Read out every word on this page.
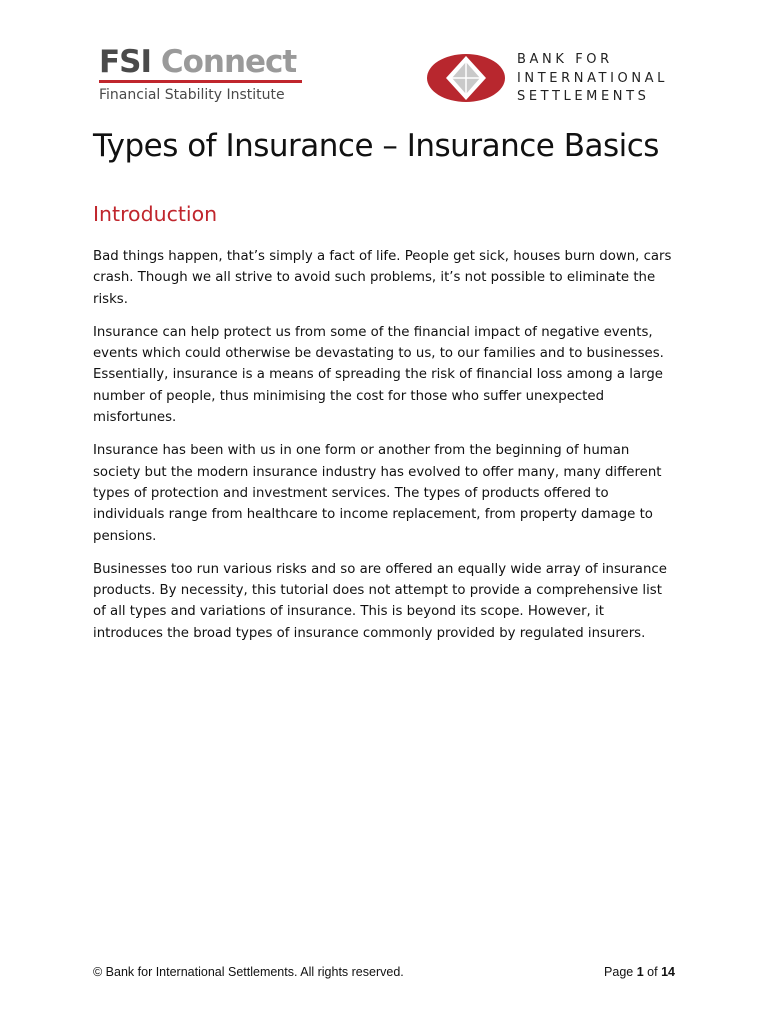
FSI Connect
Financial Stability Institute
BANK FOR
INTERNATIONAL
SETTLEMENTS
Types of Insurance – Insurance Basics
Introduction

Bad things happen, that’s simply a fact of life. People get sick, houses burn down, cars crash. Though we all strive to avoid such problems, it’s not possible to eliminate the risks.

Insurance can help protect us from some of the financial impact of negative events, events which could otherwise be devastating to us, to our families and to businesses. Essentially, insurance is a means of spreading the risk of financial loss among a large number of people, thus minimising the cost for those who suffer unexpected misfortunes.

Insurance has been with us in one form or another from the beginning of human society but the modern insurance industry has evolved to offer many, many different types of protection and investment services. The types of products offered to individuals range from healthcare to income replacement, from property damage to pensions.

Businesses too run various risks and so are offered an equally wide array of insurance products. By necessity, this tutorial does not attempt to provide a comprehensive list of all types and variations of insurance. This is beyond its scope. However, it introduces the broad types of insurance commonly provided by regulated insurers.

© Bank for International Settlements. All rights reserved.	Page 1 of 14
